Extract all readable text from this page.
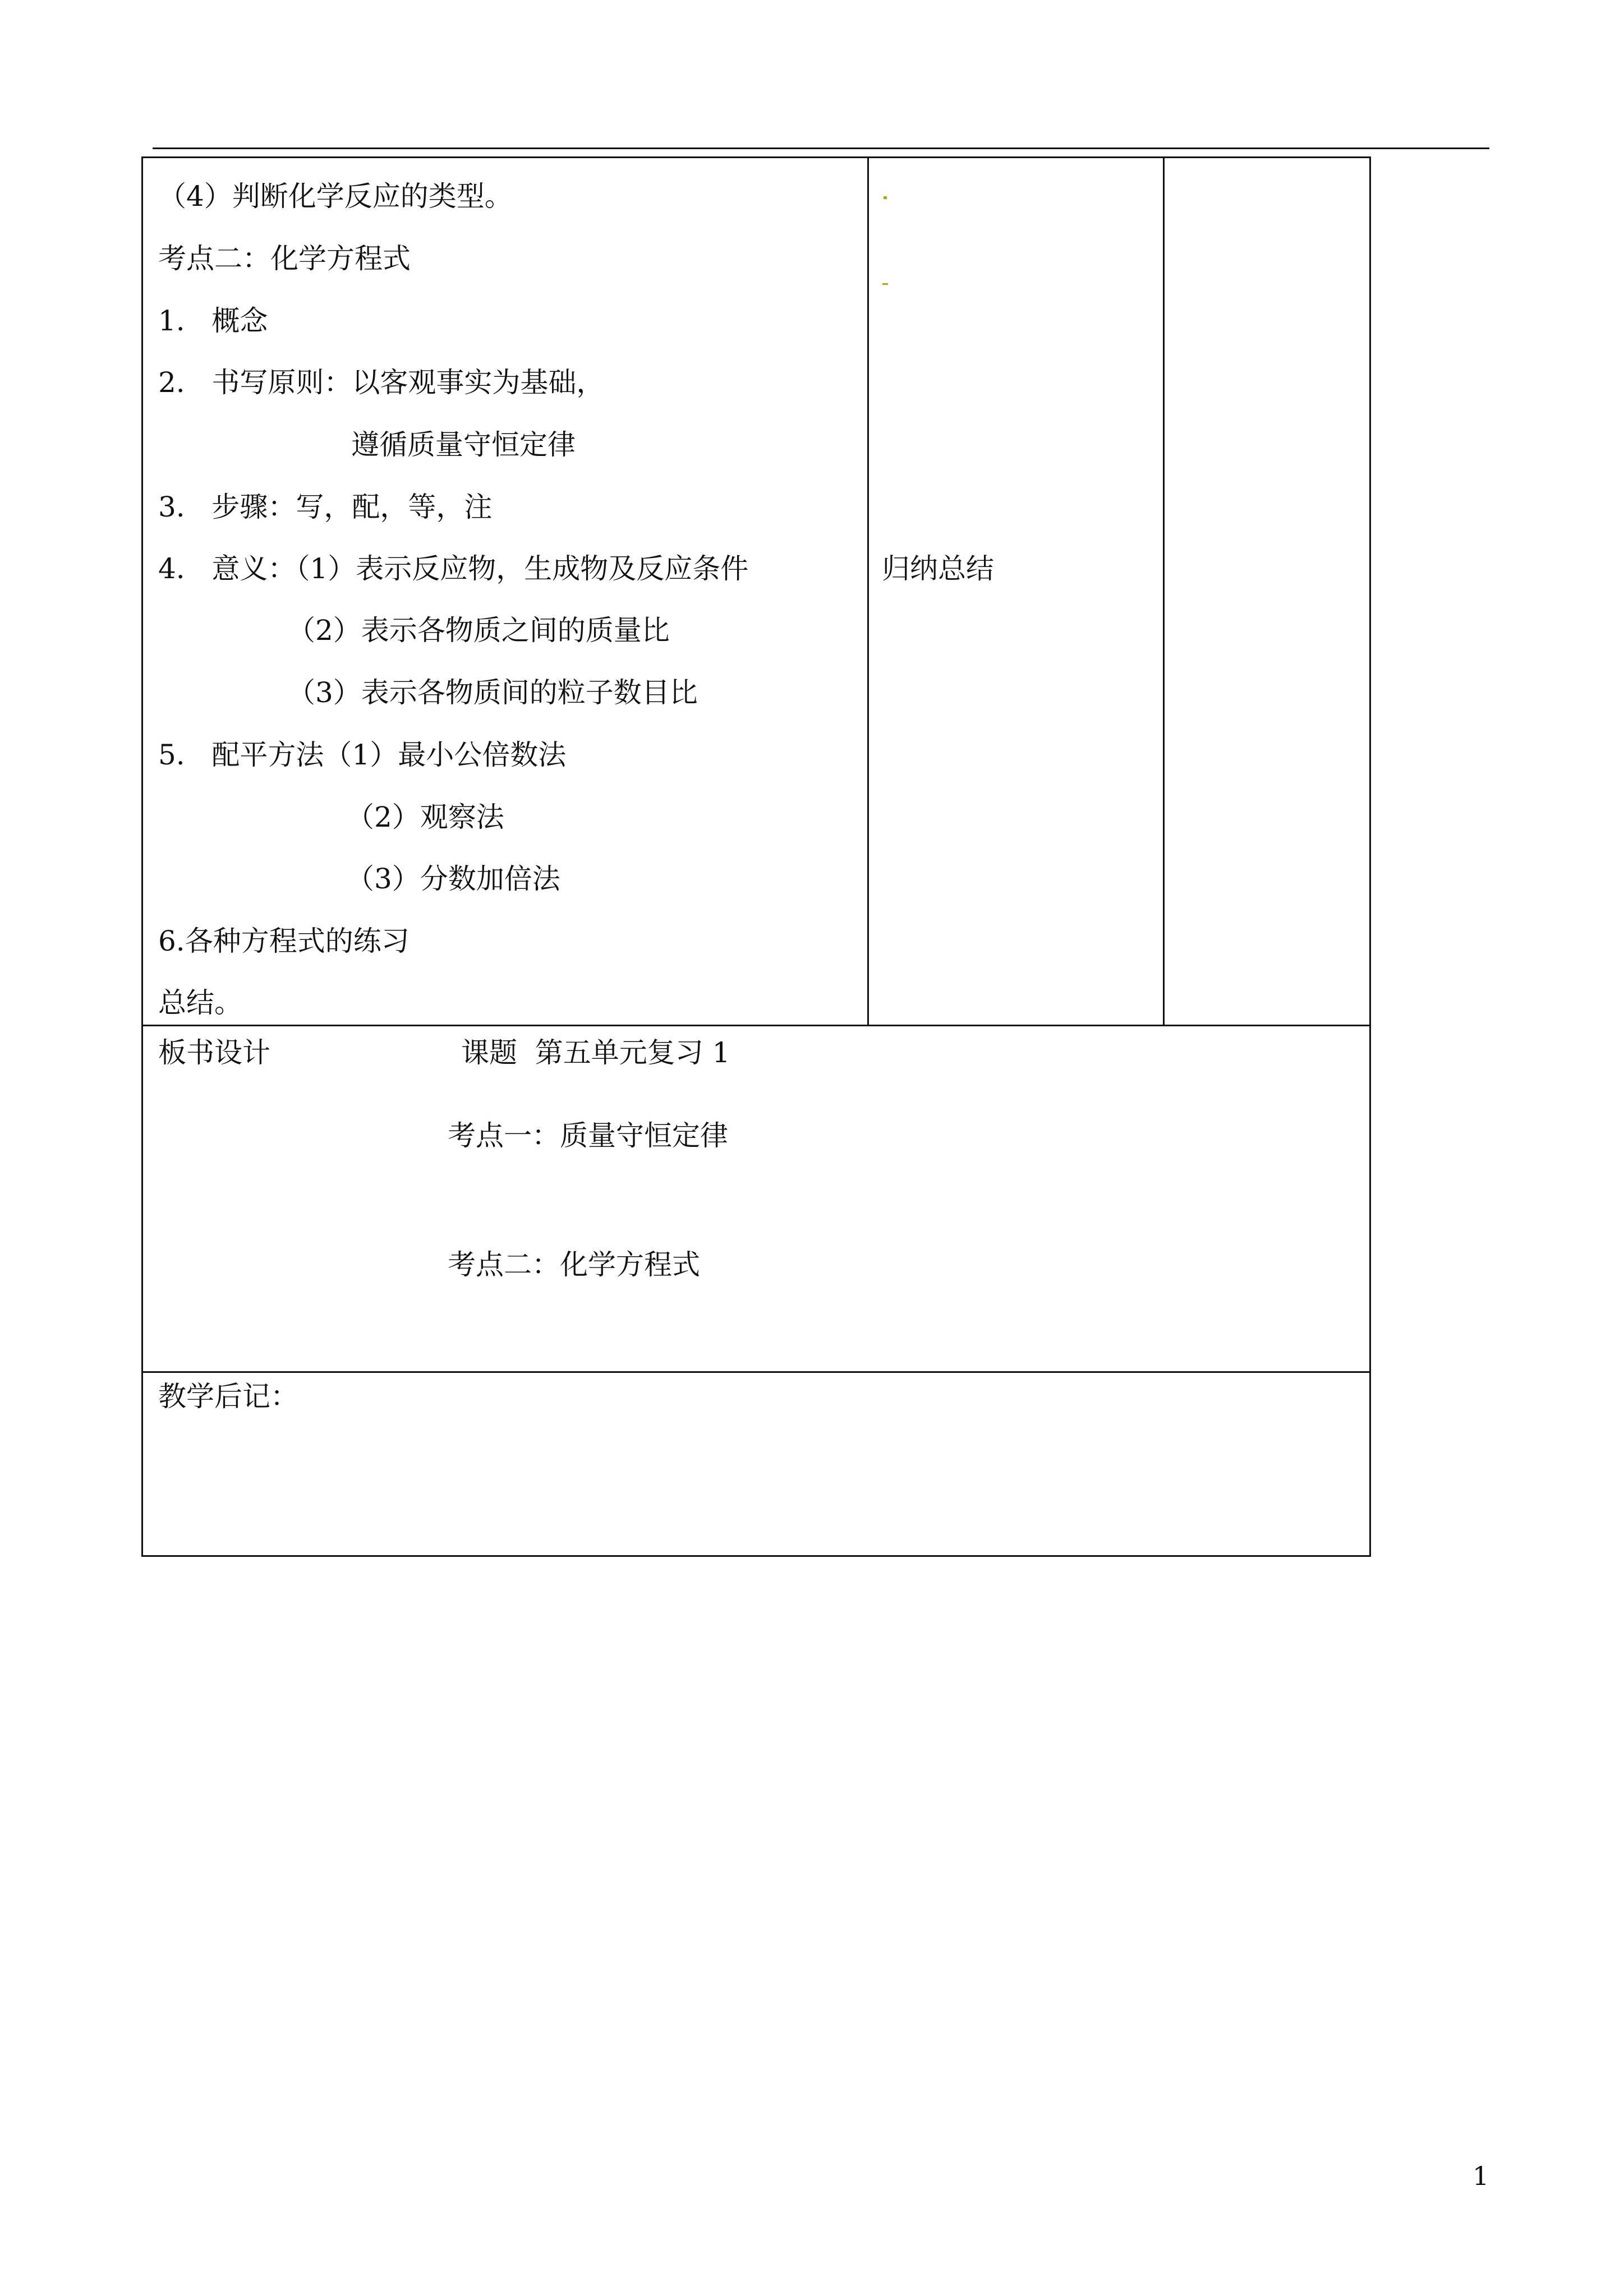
（4）判断化学反应的类型。
考点二：化学方程式
1.   概念
2.   书写原则：以客观事实为基础，
遵循质量守恒定律
3.   步骤：写，配，等，注
4.   意义：（1）表示反应物，生成物及反应条件
（2）表示各物质之间的质量比
（3）表示各物质间的粒子数目比
5.   配平方法（1）最小公倍数法
（2）观察法
（3）分数加倍法
6.各种方程式的练习
总结。
归纳总结
板书设计	课题  第五单元复习 1
考点一：质量守恒定律
考点二：化学方程式
教学后记：
1
